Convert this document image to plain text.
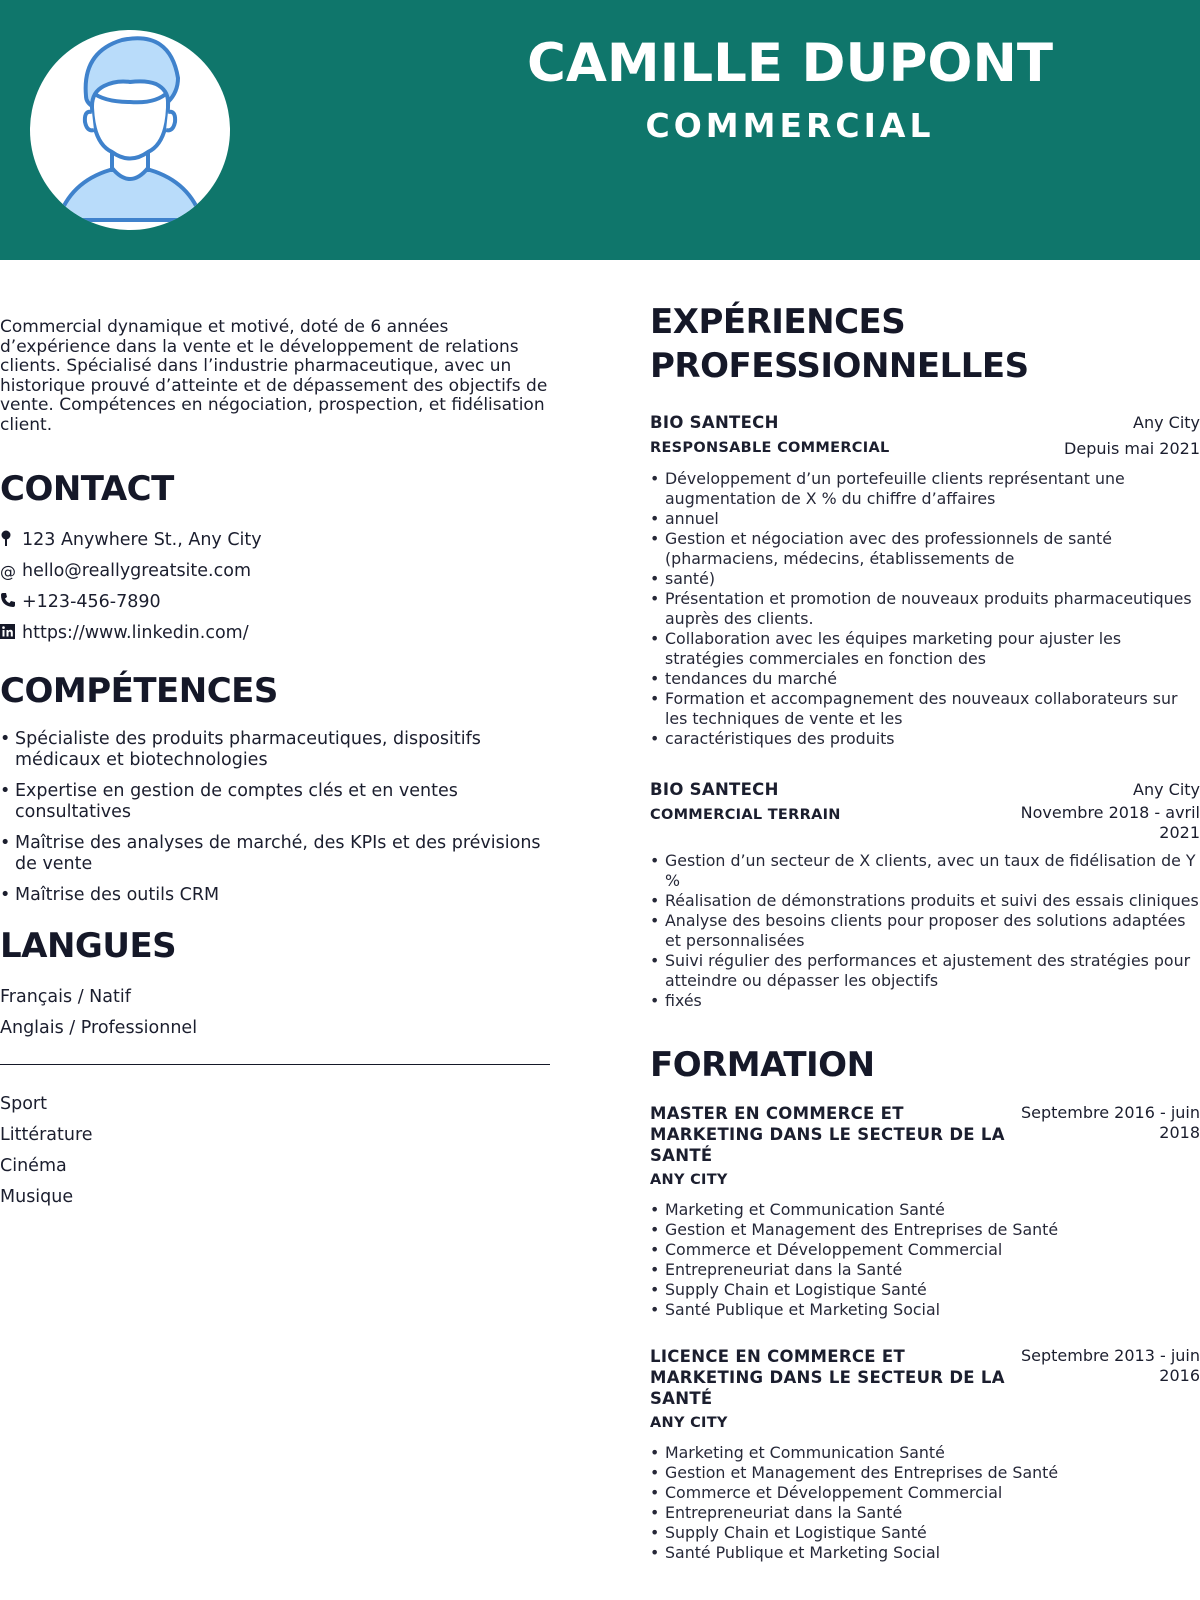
CAMILLE DUPONT
COMMERCIAL

Commercial dynamique et motivé, doté de 6 années d’expérience dans la vente et le développement de relations clients. Spécialisé dans l’industrie pharmaceutique, avec un historique prouvé d’atteinte et de dépassement des objectifs de vente. Compétences en négociation, prospection, et fidélisation client.

CONTACT
123 Anywhere St., Any City
@ hello@reallygreatsite.com
+123-456-7890
https://www.linkedin.com/
COMPÉTENCES
• Spécialiste des produits pharmaceutiques, dispositifs médicaux et biotechnologies
• Expertise en gestion de comptes clés et en ventes consultatives
• Maîtrise des analyses de marché, des KPIs et des prévisions de vente
• Maîtrise des outils CRM
LANGUES
Français / Natif
Anglais / Professionnel
Sport
Littérature
Cinéma
Musique
EXPÉRIENCES
PROFESSIONNELLES
BIO SANTECH	Any City
RESPONSABLE COMMERCIAL	Depuis mai 2021
• Développement d’un portefeuille clients représentant une augmentation de X % du chiffre d’affaires
• annuel
• Gestion et négociation avec des professionnels de santé (pharmaciens, médecins, établissements de
• santé)
• Présentation et promotion de nouveaux produits pharmaceutiques auprès des clients.
• Collaboration avec les équipes marketing pour ajuster les stratégies commerciales en fonction des
• tendances du marché
• Formation et accompagnement des nouveaux collaborateurs sur les techniques de vente et les
• caractéristiques des produits
BIO SANTECH	Any City
COMMERCIAL TERRAIN	Novembre 2018 - avril 2021
• Gestion d’un secteur de X clients, avec un taux de fidélisation de Y %
• Réalisation de démonstrations produits et suivi des essais cliniques
• Analyse des besoins clients pour proposer des solutions adaptées et personnalisées
• Suivi régulier des performances et ajustement des stratégies pour atteindre ou dépasser les objectifs
• fixés
FORMATION
MASTER EN COMMERCE ET MARKETING DANS LE SECTEUR DE LA SANTÉ
Septembre 2016 - juin 2018
ANY CITY
• Marketing et Communication Santé
• Gestion et Management des Entreprises de Santé
• Commerce et Développement Commercial
• Entrepreneuriat dans la Santé
• Supply Chain et Logistique Santé
• Santé Publique et Marketing Social
LICENCE EN COMMERCE ET MARKETING DANS LE SECTEUR DE LA SANTÉ
Septembre 2013 - juin 2016
ANY CITY
• Marketing et Communication Santé
• Gestion et Management des Entreprises de Santé
• Commerce et Développement Commercial
• Entrepreneuriat dans la Santé
• Supply Chain et Logistique Santé
• Santé Publique et Marketing Social
